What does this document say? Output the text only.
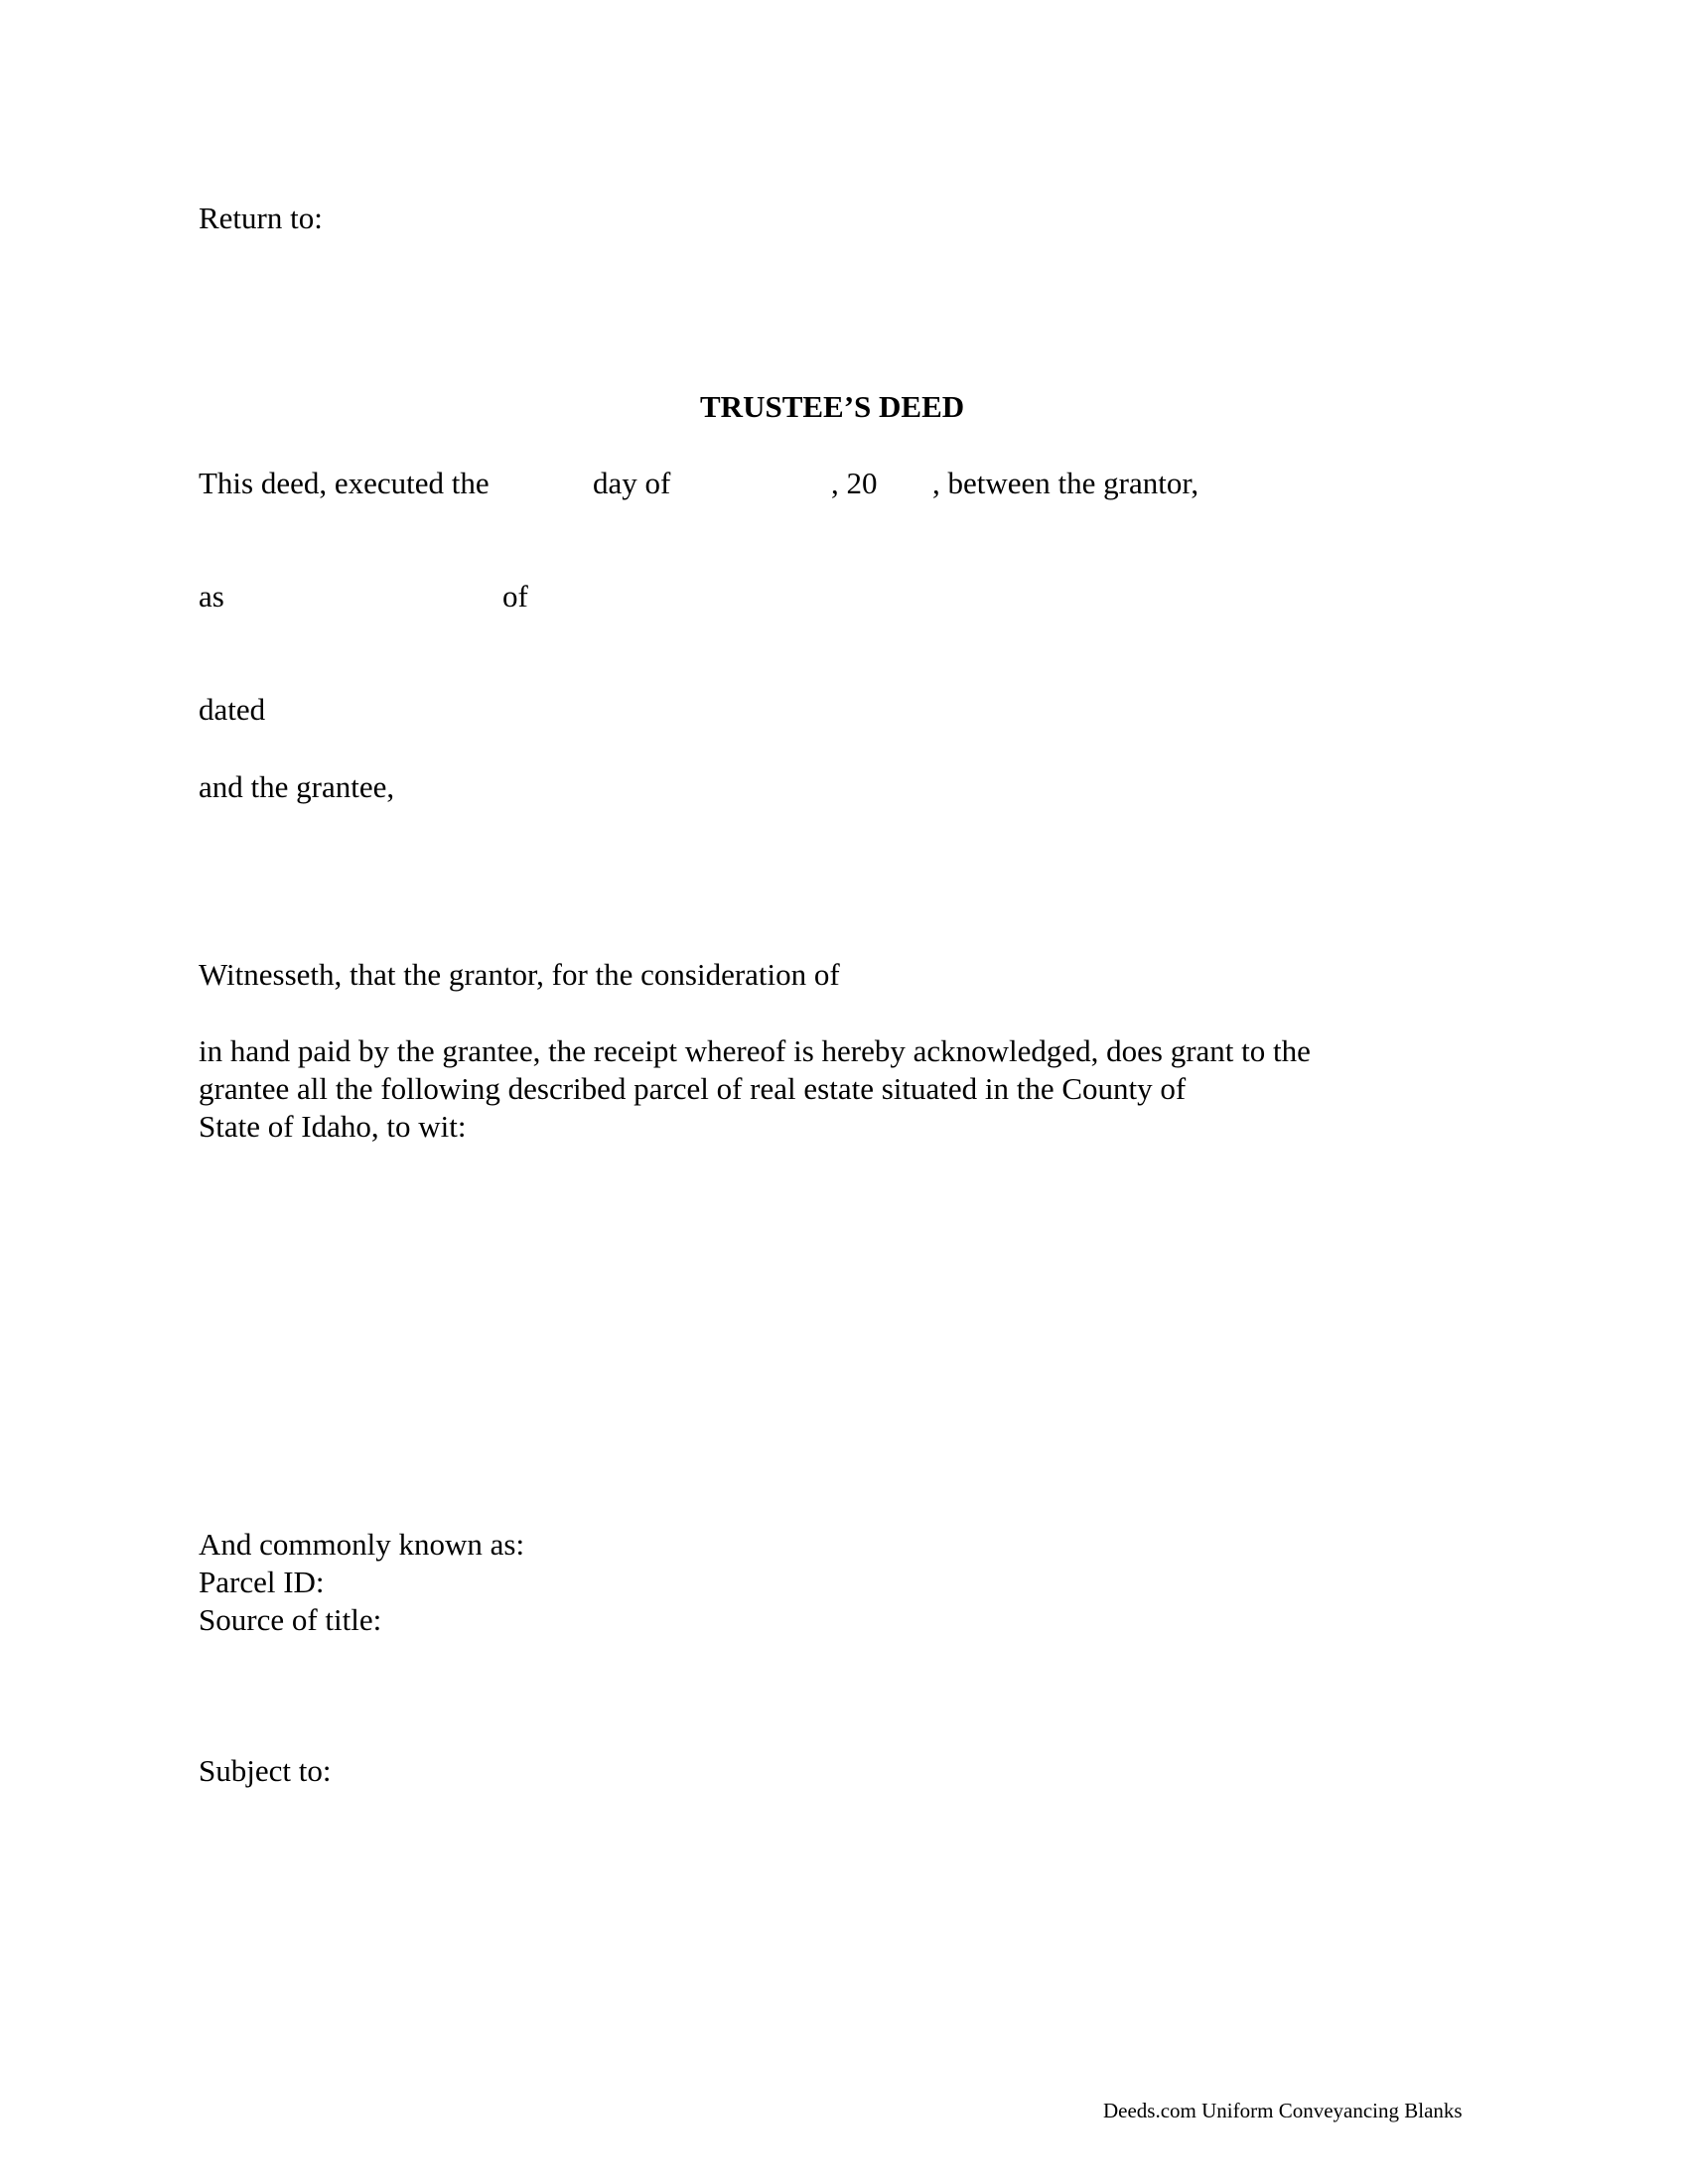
Return to:

TRUSTEE’S DEED

This deed, executed the	day of	, 20 , between the grantor,

as	of

dated

and the grantee,

Witnesseth, that the grantor, for the consideration of

in hand paid by the grantee, the receipt whereof is hereby acknowledged, does grant to the

grantee all the following described parcel of real estate situated in the County of

State of Idaho, to wit:

And commonly known as:

Parcel ID:

Source of title:

Subject to:

Deeds.com Uniform Conveyancing Blanks
